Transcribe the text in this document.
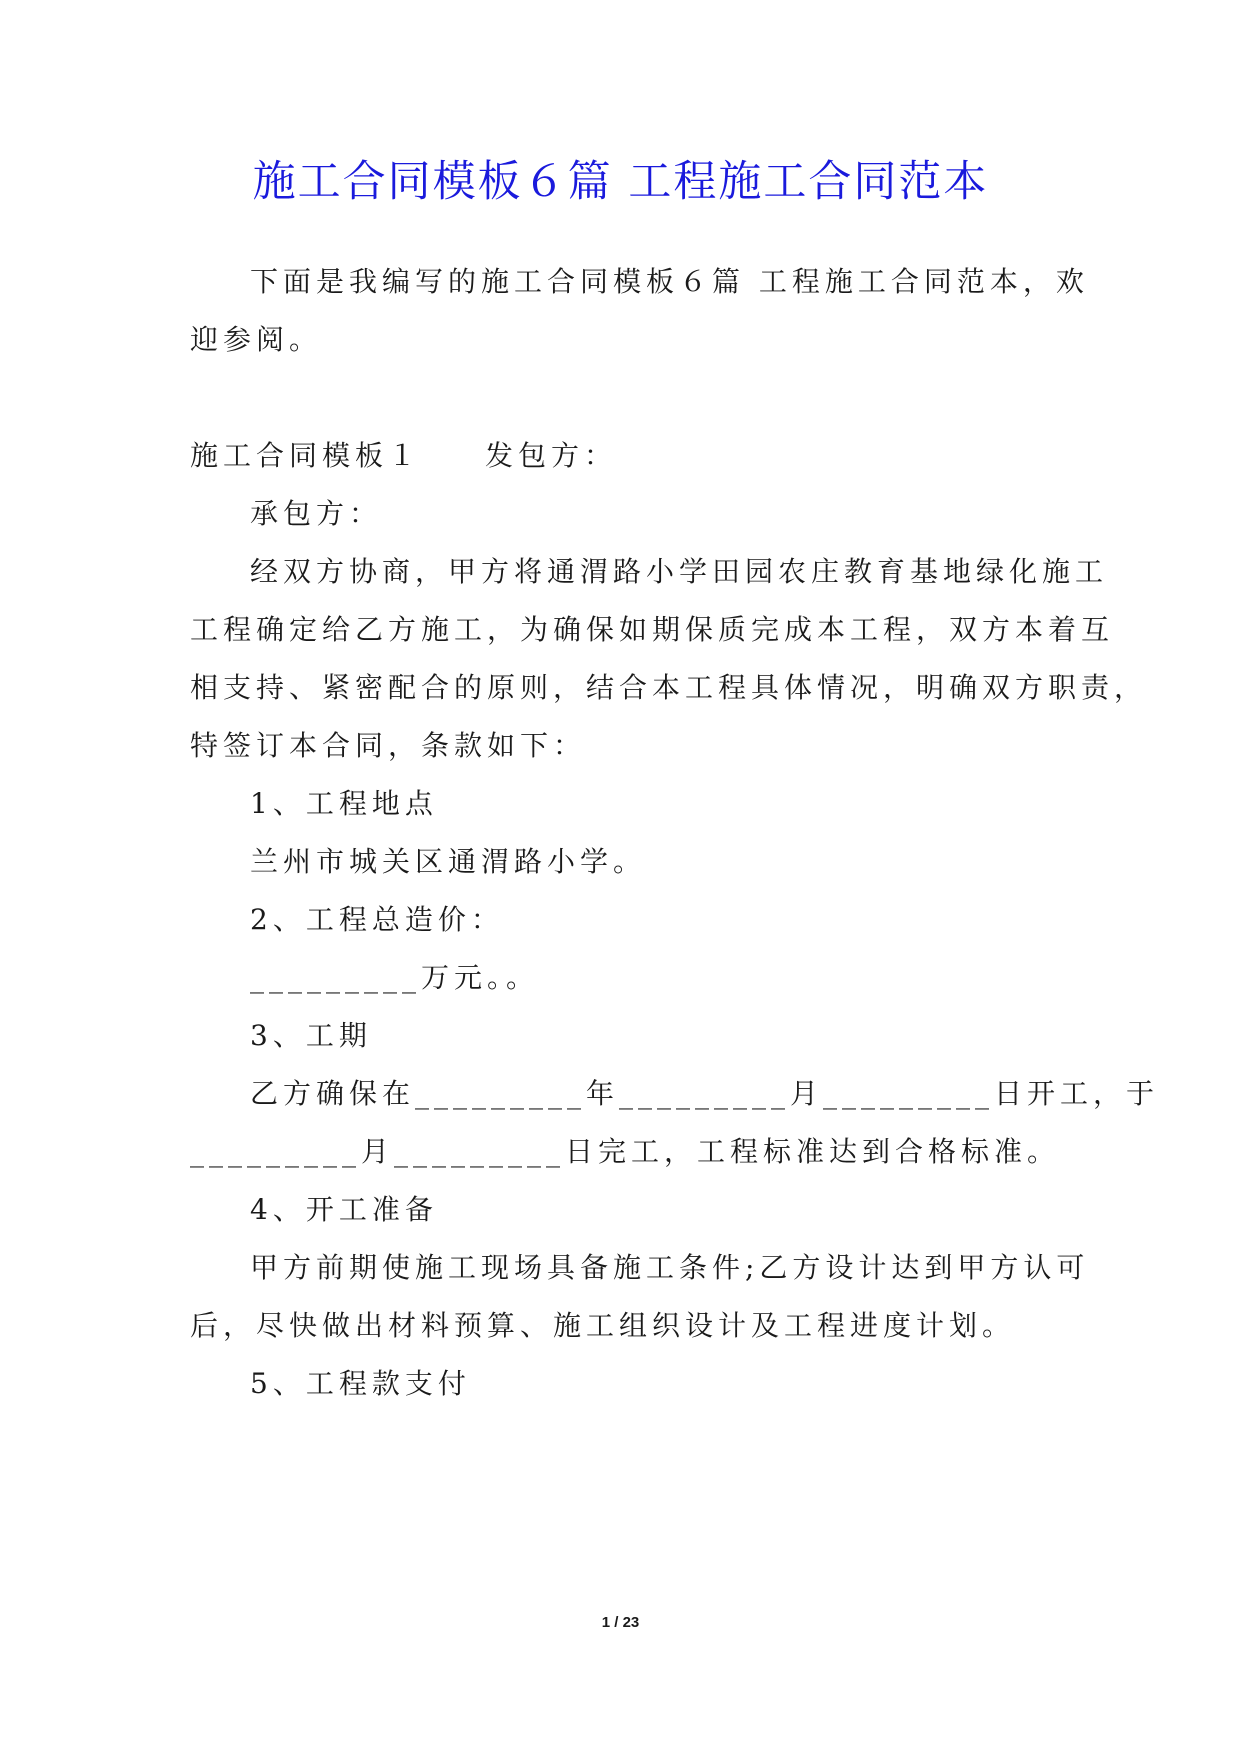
施工合同模板６篇 工程施工合同范本
下面是我编写的施工合同模板６篇 工程施工合同范本，欢
迎参阅。
施工合同模板１ 发包方：
承包方：
经双方协商，甲方将通渭路小学田园农庄教育基地绿化施工
工程确定给乙方施工，为确保如期保质完成本工程，双方本着互
相支持、紧密配合的原则，结合本工程具体情况，明确双方职责，
特签订本合同，条款如下：
1、工程地点
兰州市城关区通渭路小学。
2、工程总造价：
_________万元。。
3、工期
乙方确保在_________年_________月_________日开工，于
_________月_________日完工，工程标准达到合格标准。
4、开工准备
甲方前期使施工现场具备施工条件;乙方设计达到甲方认可
后，尽快做出材料预算、施工组织设计及工程进度计划。
5、工程款支付
1 / 23
